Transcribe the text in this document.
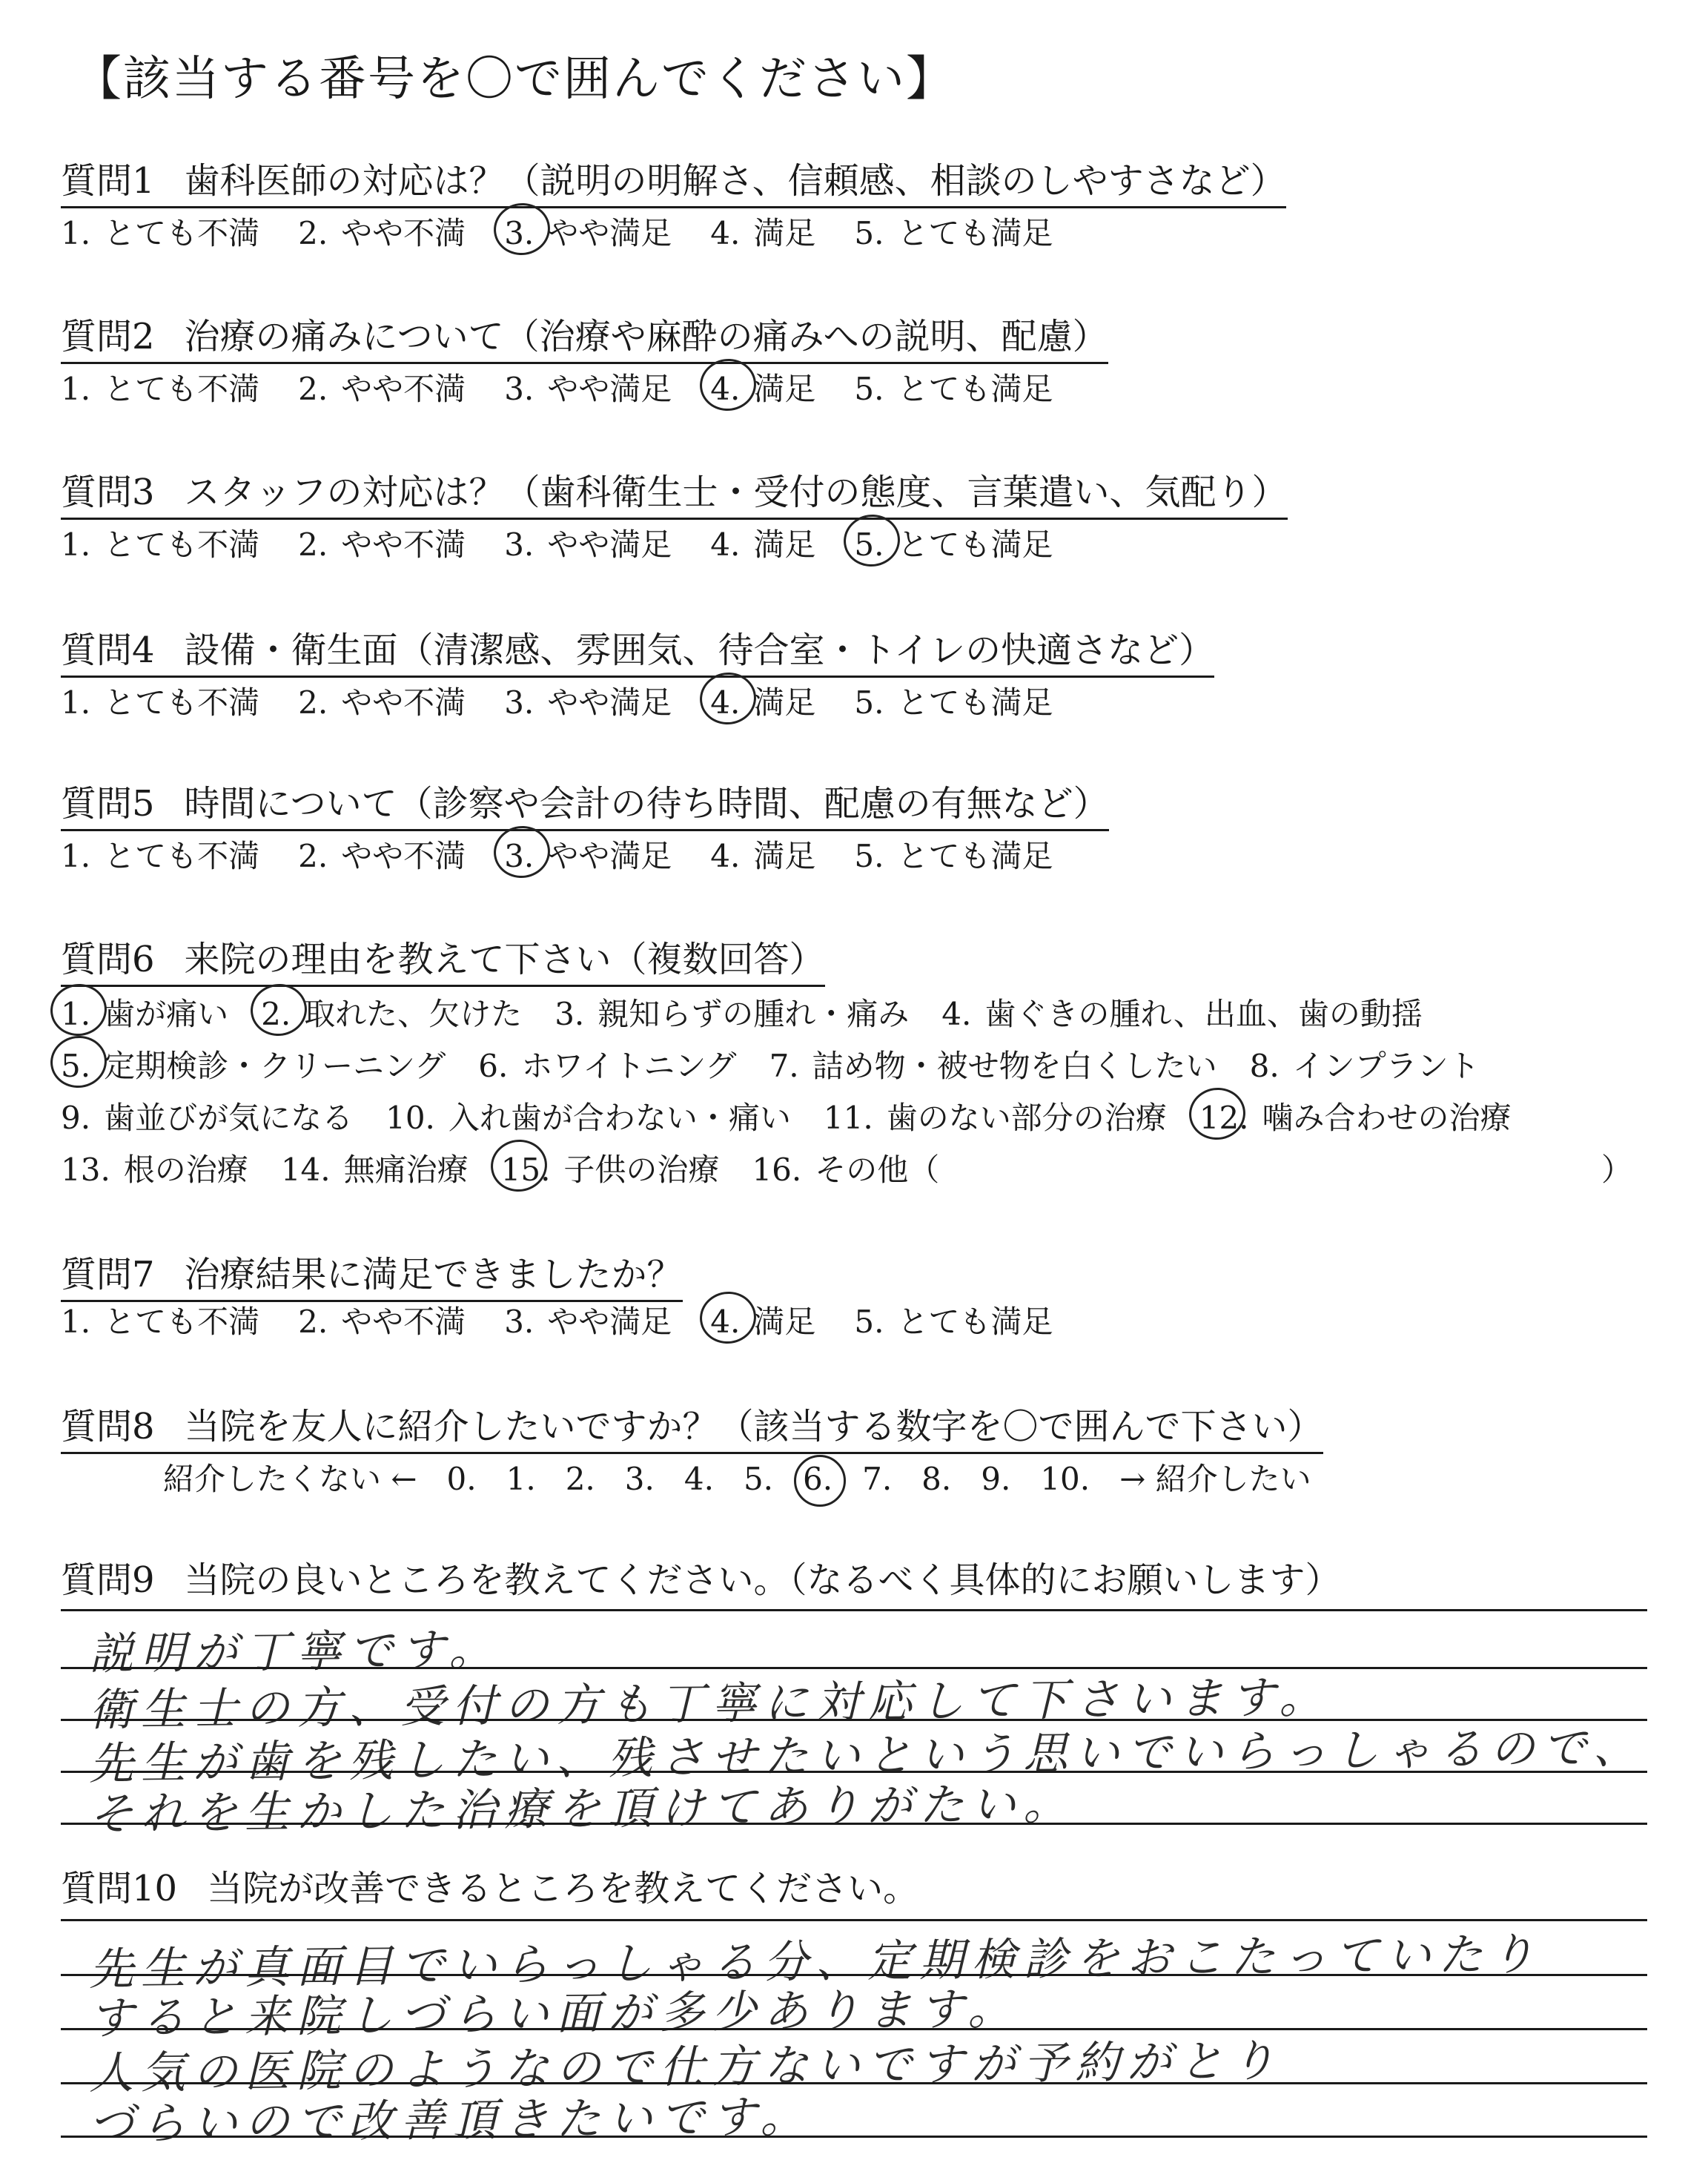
【該当する番号を〇で囲んでください】
質問1 歯科医師の対応は？（説明の明解さ、信頼感、相談のしやすさなど）
1. とても不満 2. やや不満 3. やや満足 4. 満足 5. とても満足
質問2 治療の痛みについて（治療や麻酔の痛みへの説明、配慮）
1. とても不満 2. やや不満 3. やや満足 4. 満足 5. とても満足
質問3 スタッフの対応は？（歯科衛生士・受付の態度、言葉遣い、気配り）
1. とても不満 2. やや不満 3. やや満足 4. 満足 5. とても満足
質問4 設備・衛生面（清潔感、雰囲気、待合室・トイレの快適さなど）
1. とても不満 2. やや不満 3. やや満足 4. 満足 5. とても満足
質問5 時間について（診察や会計の待ち時間、配慮の有無など）
1. とても不満 2. やや不満 3. やや満足 4. 満足 5. とても満足
質問6 来院の理由を教えて下さい（複数回答）
1. 歯が痛い 2. 取れた、欠けた 3. 親知らずの腫れ・痛み 4. 歯ぐきの腫れ、出血、歯の動揺
5. 定期検診・クリーニング 6. ホワイトニング 7. 詰め物・被せ物を白くしたい 8. インプラント
9. 歯並びが気になる 10. 入れ歯が合わない・痛い 11. 歯のない部分の治療 12. 噛み合わせの治療
13. 根の治療 14. 無痛治療 15. 子供の治療 16. その他（	）
質問7 治療結果に満足できましたか？
1. とても不満 2. やや不満 3. やや満足 4. 満足 5. とても満足
質問8 当院を友人に紹介したいですか？（該当する数字を〇で囲んで下さい）
紹介したくない ← 0. 1. 2. 3. 4. 5. 6. 7. 8. 9. 10. → 紹介したい
質問9 当院の良いところを教えてください。（なるべく具体的にお願いします）
説明が丁寧です。
衛生士の方、受付の方も丁寧に対応して下さいます。
先生が歯を残したい、残させたいという思いでいらっしゃるので、
それを生かした治療を頂けてありがたい。
質問10 当院が改善できるところを教えてください。
先生が真面目でいらっしゃる分、定期検診をおこたっていたり
すると来院しづらい面が多少あります。
人気の医院のようなので仕方ないですが予約がとり
づらいので改善頂きたいです。
